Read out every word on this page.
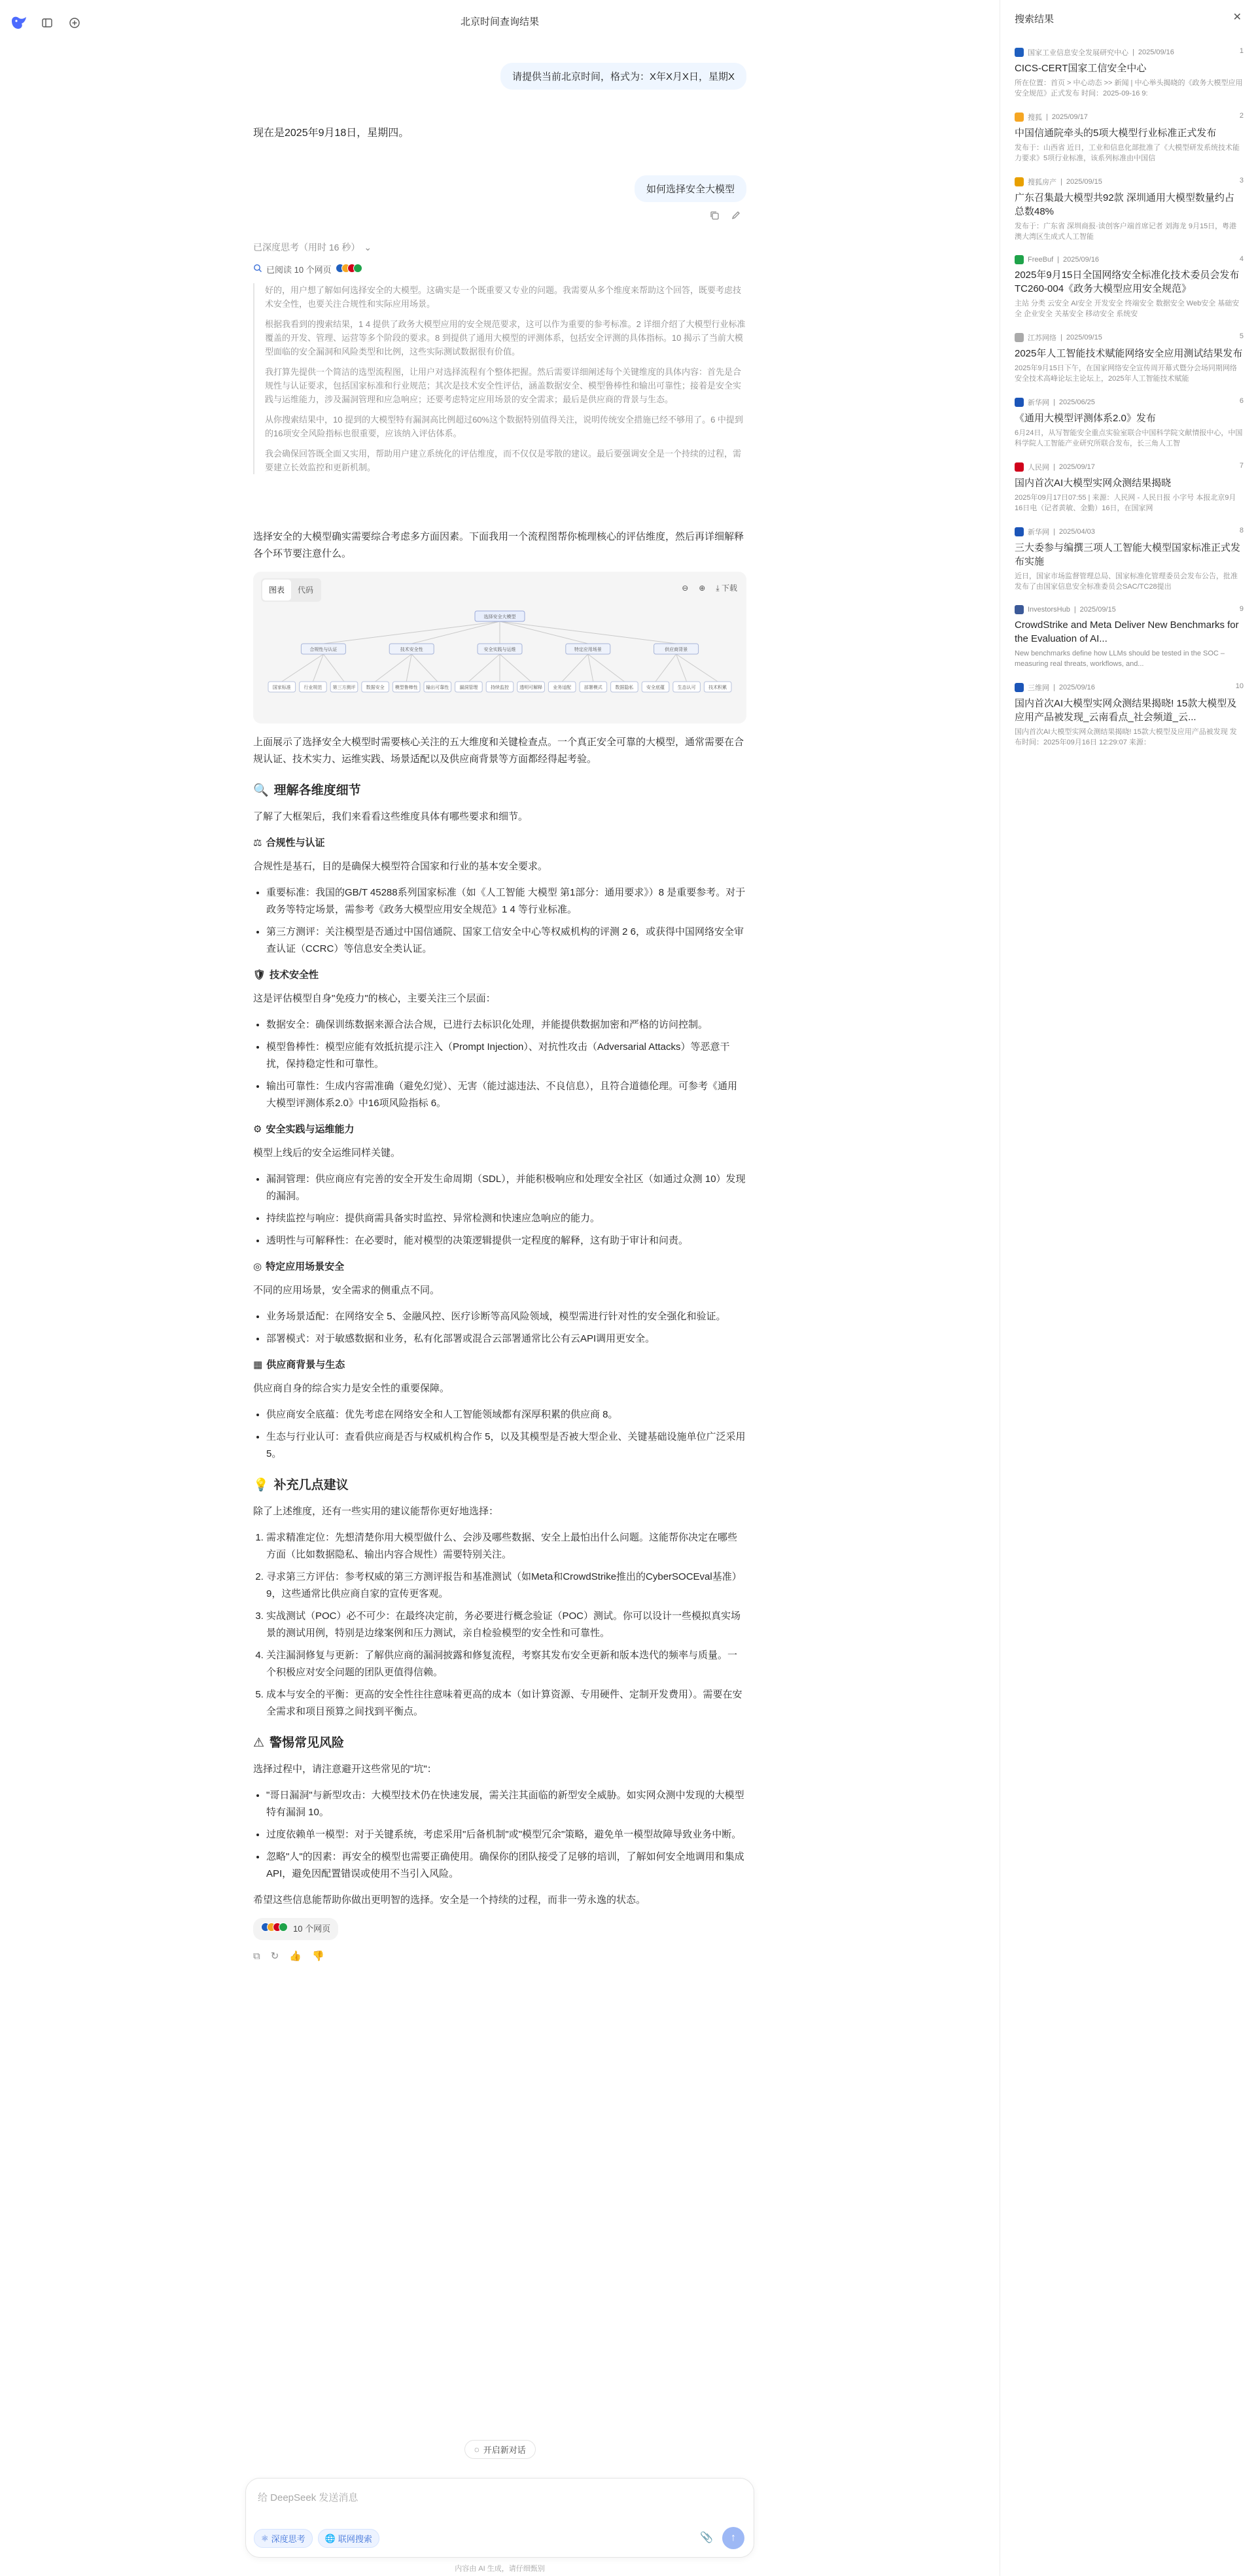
北京时间查询结果
请提供当前北京时间，格式为：X年X月X日，星期X
现在是2025年9月18日，星期四。
如何选择安全大模型
已深度思考（用时 16 秒） ⌄
已阅读 10 个网页

好的，用户想了解如何选择安全的大模型。这确实是一个既重要又专业的问题。我需要从多个维度来帮助这个回答，既要考虑技术安全性，也要关注合规性和实际应用场景。

根据我看到的搜索结果，1 4 提供了政务大模型应用的安全规范要求，这可以作为重要的参考标准。2 详细介绍了大模型行业标准覆盖的开发、管理、运营等多个阶段的要求。8 到提供了通用大模型的评测体系，包括安全评测的具体指标。10 揭示了当前大模型面临的安全漏洞和风险类型和比例，这些实际测试数据很有价值。

我打算先提供一个简洁的选型流程图，让用户对选择流程有个整体把握。然后需要详细阐述每个关键维度的具体内容：首先是合规性与认证要求，包括国家标准和行业规范；其次是技术安全性评估，涵盖数据安全、模型鲁棒性和输出可靠性；接着是安全实践与运维能力，涉及漏洞管理和应急响应；还要考虑特定应用场景的安全需求；最后是供应商的背景与生态。

从你搜索结果中，10 提到的大模型特有漏洞高比例超过60%这个数据特别值得关注，说明传统安全措施已经不够用了。6 中提到的16项安全风险指标也很重要，应该纳入评估体系。

我会确保回答既全面又实用，帮助用户建立系统化的评估维度，而不仅仅是零散的建议。最后要强调安全是一个持续的过程，需要建立长效监控和更新机制。

选择安全的大模型确实需要综合考虑多方面因素。下面我用一个流程图帮你梳理核心的评估维度，然后再详细解释各个环节要注意什么。

图表	代码	⊖ ⊕ ⤓ 下载
选择安全大模型
合规性与认证	技术安全性	安全实践与运维	特定应用场景	供应商背景
国家标准	行业规范 第三方测评 数据安全 模型鲁棒性 输出可靠性 漏洞管理	持续监控 透明可解释 业务适配	部署模式	数据隐私	安全底蕴	生态认可	技术积累

上面展示了选择安全大模型时需要核心关注的五大维度和关键检查点。一个真正安全可靠的大模型，通常需要在合规认证、技术实力、运维实践、场景适配以及供应商背景等方面都经得起考验。

🔍 理解各维度细节

了解了大框架后，我们来看看这些维度具体有哪些要求和细节。

⚖ 合规性与认证

合规性是基石，目的是确保大模型符合国家和行业的基本安全要求。

• 重要标准：我国的GB/T 45288系列国家标准（如《人工智能 大模型 第1部分：通用要求》）8 是重要参考。对于政务等特定场景，需参考《政务大模型应用安全规范》1 4 等行业标准。
• 第三方测评：关注模型是否通过中国信通院、国家工信安全中心等权威机构的评测 2 6，或获得中国网络安全审查认证（CCRC）等信息安全类认证。
🛡 技术安全性

这是评估模型自身"免疫力"的核心，主要关注三个层面：

• 数据安全：确保训练数据来源合法合规，已进行去标识化处理，并能提供数据加密和严格的访问控制。
• 模型鲁棒性：模型应能有效抵抗提示注入（Prompt Injection）、对抗性攻击（Adversarial Attacks）等恶意干扰，保持稳定性和可靠性。
• 输出可靠性：生成内容需准确（避免幻觉）、无害（能过滤违法、不良信息），且符合道德伦理。可参考《通用大模型评测体系2.0》中16项风险指标 6。
⚙ 安全实践与运维能力

模型上线后的安全运维同样关键。

• 漏洞管理：供应商应有完善的安全开发生命周期（SDL），并能积极响应和处理安全社区（如通过众测 10）发现的漏洞。
• 持续监控与响应：提供商需具备实时监控、异常检测和快速应急响应的能力。
• 透明性与可解释性：在必要时，能对模型的决策逻辑提供一定程度的解释，这有助于审计和问责。
◎ 特定应用场景安全

不同的应用场景，安全需求的侧重点不同。

• 业务场景适配：在网络安全 5、金融风控、医疗诊断等高风险领域，模型需进行针对性的安全强化和验证。
• 部署模式：对于敏感数据和业务，私有化部署或混合云部署通常比公有云API调用更安全。
▦ 供应商背景与生态

供应商自身的综合实力是安全性的重要保障。

• 供应商安全底蕴：优先考虑在网络安全和人工智能领域都有深厚积累的供应商 8。
• 生态与行业认可：查看供应商是否与权威机构合作 5，以及其模型是否被大型企业、关键基础设施单位广泛采用 5。
💡 补充几点建议

除了上述维度，还有一些实用的建议能帮你更好地选择：

1. 需求精准定位：先想清楚你用大模型做什么、会涉及哪些数据、安全上最怕出什么问题。这能帮你决定在哪些方面（比如数据隐私、输出内容合规性）需要特别关注。
2. 寻求第三方评估：参考权威的第三方测评报告和基准测试（如Meta和CrowdStrike推出的CyberSOCEval基准）9，这些通常比供应商自家的宣传更客观。
3. 实战测试（POC）必不可少：在最终决定前，务必要进行概念验证（POC）测试。你可以设计一些模拟真实场景的测试用例，特别是边缘案例和压力测试，亲自检验模型的安全性和可靠性。
4. 关注漏洞修复与更新：了解供应商的漏洞披露和修复流程，考察其发布安全更新和版本迭代的频率与质量。一个积极应对安全问题的团队更值得信赖。
5. 成本与安全的平衡：更高的安全性往往意味着更高的成本（如计算资源、专用硬件、定制开发费用）。需要在安全需求和项目预算之间找到平衡点。
⚠ 警惕常见风险

选择过程中，请注意避开这些常见的"坑"：

• "哥日漏洞"与新型攻击：大模型技术仍在快速发展，需关注其面临的新型安全威胁。如实网众测中发现的大模型特有漏洞 10。
• 过度依赖单一模型：对于关键系统，考虑采用"后备机制"或"模型冗余"策略，避免单一模型故障导致业务中断。
• 忽略"人"的因素：再安全的模型也需要正确使用。确保你的团队接受了足够的培训，了解如何安全地调用和集成API，避免因配置错误或使用不当引入风险。

希望这些信息能帮助你做出更明智的选择。安全是一个持续的过程，而非一劳永逸的状态。

10 个网页
⧉ ↻ 👍 👎
◌ 开启新对话
给 DeepSeek 发送消息
⚛ 深度思考 🌐 联网搜索	📎 ↑
内容由 AI 生成，请仔细甄别
搜索结果	✕
国家工业信息安全发展研究中心 | 2025/09/16	1
CICS-CERT国家工信安全中心
所在位置：首页 > 中心动态 >> 新闻 | 中心举头揭晓的《政务大模型应用安全规范》正式发布 时间：2025-09-16 9:
搜狐 | 2025/09/17	2
中国信通院牵头的5项大模型行业标准正式发布
发布于：山西省 近日，工业和信息化部批准了《大模型研发系统技术能力要求》5项行业标准，该系列标准由中国信
搜狐房产 | 2025/09/15	3
广东召集最大模型共92款 深圳通用大模型数量约占总数48%
发布于：广东省 深圳商报·读创客户端首席记者 刘海龙 9月15日，粤港澳大湾区生成式人工智能
FreeBuf | 2025/09/16	4
2025年9月15日全国网络安全标准化技术委员会发布TC260-004《政务大模型应用安全规范》
主站 分类 云安全 AI安全 开发安全 终端安全 数据安全 Web安全 基础安全 企业安全 关基安全 移动安全 系统安
江苏网络 | 2025/09/15	5
2025年人工智能技术赋能网络安全应用测试结果发布
2025年9月15日下午，在国家网络安全宣传周开幕式暨分会场同期网络安全技术高峰论坛主论坛上，2025年人工智能技术赋能
新华网 | 2025/06/25	6
《通用大模型评测体系2.0》发布
6月24日，从写智能安全重点实验室联合中国科学院文献情报中心，中国科学院人工智能产业研究所联合发布，长三角人工智
人民网 | 2025/09/17	7
国内首次AI大模型实网众测结果揭晓
2025年09月17日07:55 | 来源：人民网 - 人民日报 小字号 本报北京9月16日电（记者黄敏、金勤）16日，在国家网
新华网 | 2025/04/03	8
三大委参与编撰三项人工智能大模型国家标准正式发布实施
近日，国家市场监督管理总局、国家标准化管理委员会发布公告，批准发布了由国家信息安全标准委员会SAC/TC28提出
InvestorsHub | 2025/09/15	9
CrowdStrike and Meta Deliver New Benchmarks for the Evaluation of AI...
New benchmarks define how LLMs should be tested in the SOC – measuring real threats, workflows, and...
三维网 | 2025/09/16	10
国内首次AI大模型实网众测结果揭晓! 15款大模型及应用产品被发现_云南看点_社会频道_云...
国内首次AI大模型实网众测结果揭晓! 15款大模型及应用产品被发现 发布时间：2025年09月16日 12:29:07 来源：
